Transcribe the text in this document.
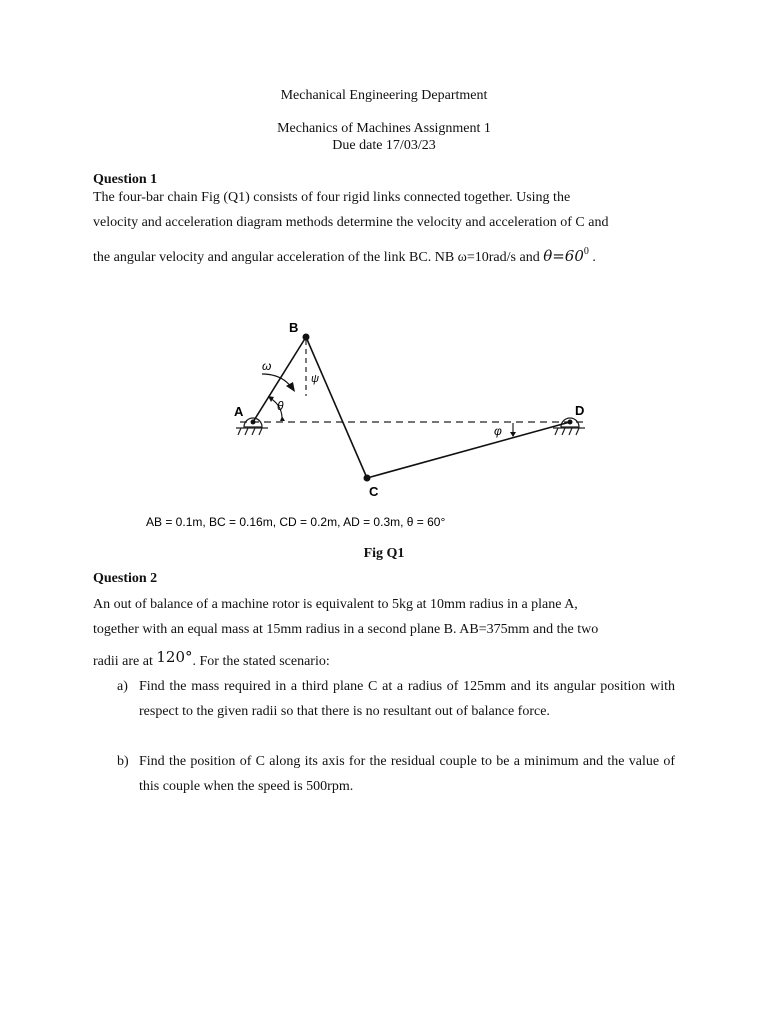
Mechanical Engineering Department
Mechanics of Machines Assignment 1
Due date 17/03/23
Question 1
The four-bar chain Fig (Q1) consists of four rigid links connected together. Using the
velocity and acceleration diagram methods determine the velocity and acceleration of C and
the angular velocity and angular acceleration of the link BC. NB ω=10rad/s and $\theta=60^0$ .
B
A
C
D
ω
θ
ψ
φ
AB = 0.1m, BC = 0.16m, CD = 0.2m, AD = 0.3m, θ = 60°
Fig Q1
Question 2
An out of balance of a machine rotor is equivalent to 5kg at 10mm radius in a plane A,
together with an equal mass at 15mm radius in a second plane B. AB=375mm and the two
radii are at 120°. For the stated scenario:
a) Find the mass required in a third plane C at a radius of 125mm and its angular position with respect to the given radii so that there is no resultant out of balance force.
b) Find the position of C along its axis for the residual couple to be a minimum and the value of this couple when the speed is 500rpm.
